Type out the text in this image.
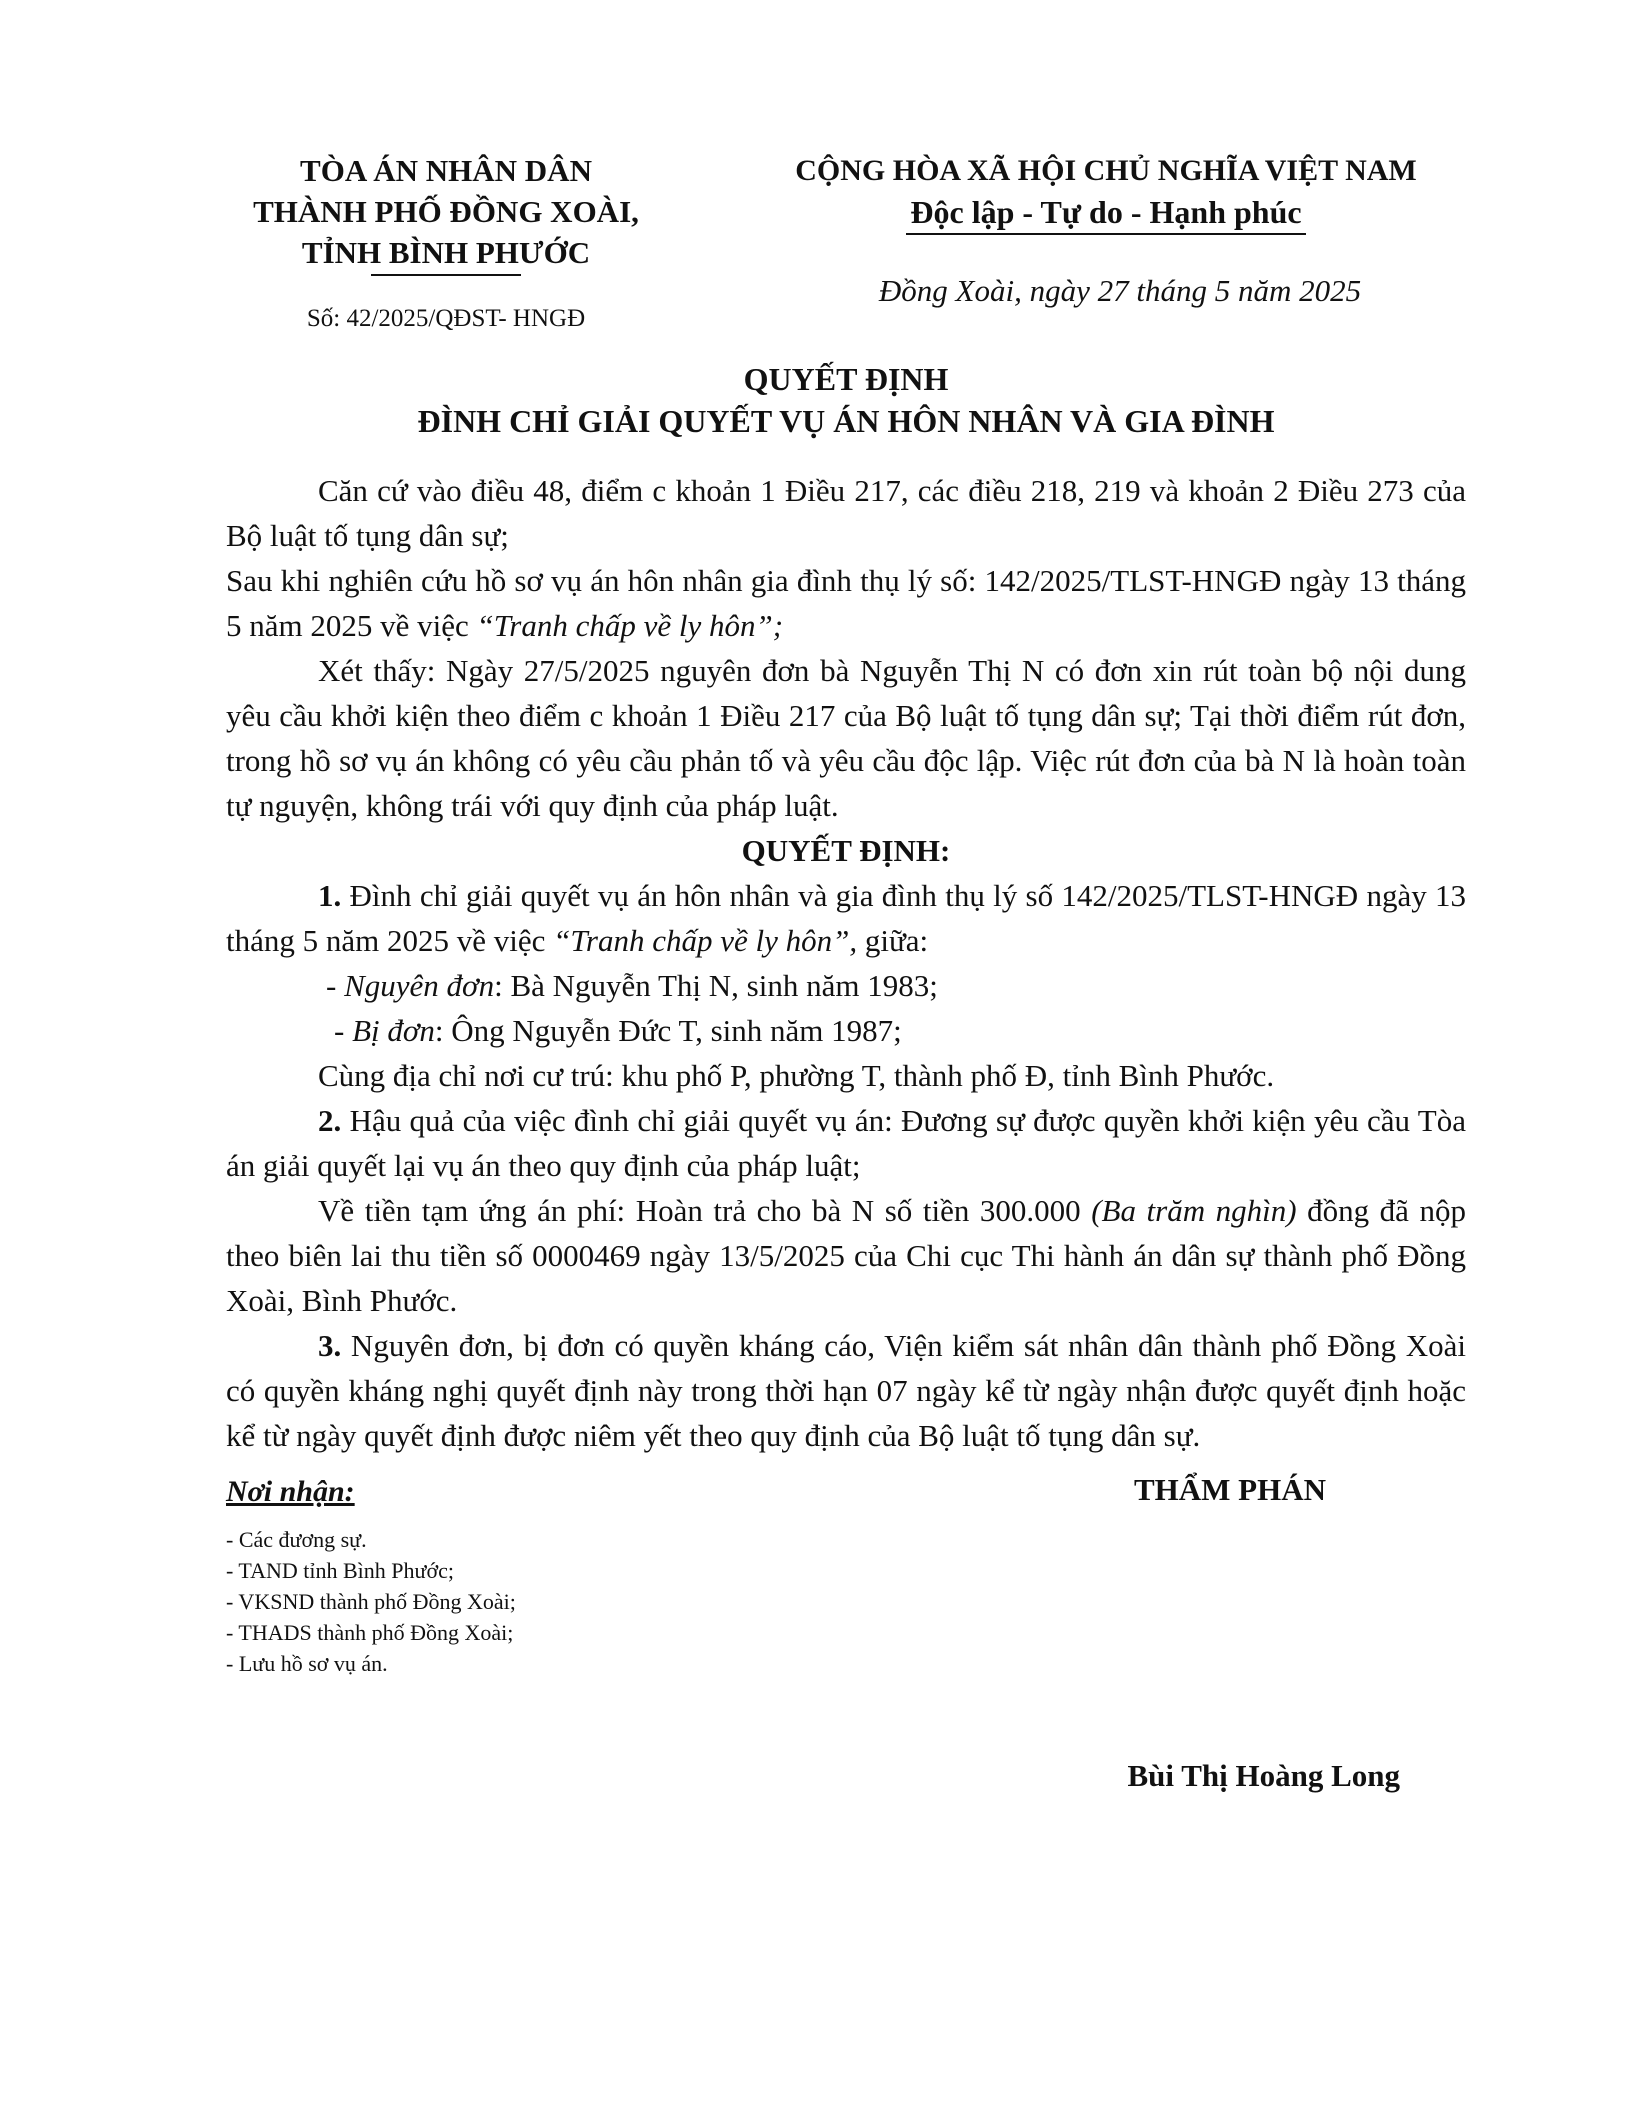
TÒA ÁN NHÂN DÂN
THÀNH PHỐ ĐỒNG XOÀI,
TỈNH BÌNH PHƯỚC
Số: 42/2025/QĐST- HNGĐ
CỘNG HÒA XÃ HỘI CHỦ NGHĨA VIỆT NAM
Độc lập - Tự do - Hạnh phúc
Đồng Xoài, ngày 27 tháng 5 năm 2025
QUYẾT ĐỊNH
ĐÌNH CHỈ GIẢI QUYẾT VỤ ÁN HÔN NHÂN VÀ GIA ĐÌNH

Căn cứ vào điều 48, điểm c khoản 1 Điều 217, các điều 218, 219 và khoản 2 Điều 273 của Bộ luật tố tụng dân sự;

Sau khi nghiên cứu hồ sơ vụ án hôn nhân gia đình thụ lý số: 142/2025/TLST-HNGĐ ngày 13 tháng 5 năm 2025 về việc “Tranh chấp về ly hôn”;

Xét thấy: Ngày 27/5/2025 nguyên đơn bà Nguyễn Thị N có đơn xin rút toàn bộ nội dung yêu cầu khởi kiện theo điểm c khoản 1 Điều 217 của Bộ luật tố tụng dân sự; Tại thời điểm rút đơn, trong hồ sơ vụ án không có yêu cầu phản tố và yêu cầu độc lập. Việc rút đơn của bà N là hoàn toàn tự nguyện, không trái với quy định của pháp luật.

QUYẾT ĐỊNH:

1. Đình chỉ giải quyết vụ án hôn nhân và gia đình thụ lý số 142/2025/TLST-HNGĐ ngày 13 tháng 5 năm 2025 về việc “Tranh chấp về ly hôn”, giữa:

- Nguyên đơn: Bà Nguyễn Thị N, sinh năm 1983;

- Bị đơn: Ông Nguyễn Đức T, sinh năm 1987;

Cùng địa chỉ nơi cư trú: khu phố P, phường T, thành phố Đ, tỉnh Bình Phước.

2. Hậu quả của việc đình chỉ giải quyết vụ án: Đương sự được quyền khởi kiện yêu cầu Tòa án giải quyết lại vụ án theo quy định của pháp luật;

Về tiền tạm ứng án phí: Hoàn trả cho bà N số tiền 300.000 (Ba trăm nghìn) đồng đã nộp theo biên lai thu tiền số 0000469 ngày 13/5/2025 của Chi cục Thi hành án dân sự thành phố Đồng Xoài, Bình Phước.

3. Nguyên đơn, bị đơn có quyền kháng cáo, Viện kiểm sát nhân dân thành phố Đồng Xoài có quyền kháng nghị quyết định này trong thời hạn 07 ngày kể từ ngày nhận được quyết định hoặc kể từ ngày quyết định được niêm yết theo quy định của Bộ luật tố tụng dân sự.

Nơi nhận:
- Các đương sự.
- TAND tỉnh Bình Phước;
- VKSND thành phố Đồng Xoài;
- THADS thành phố Đồng Xoài;
- Lưu hồ sơ vụ án.
THẨM PHÁN
Bùi Thị Hoàng Long
